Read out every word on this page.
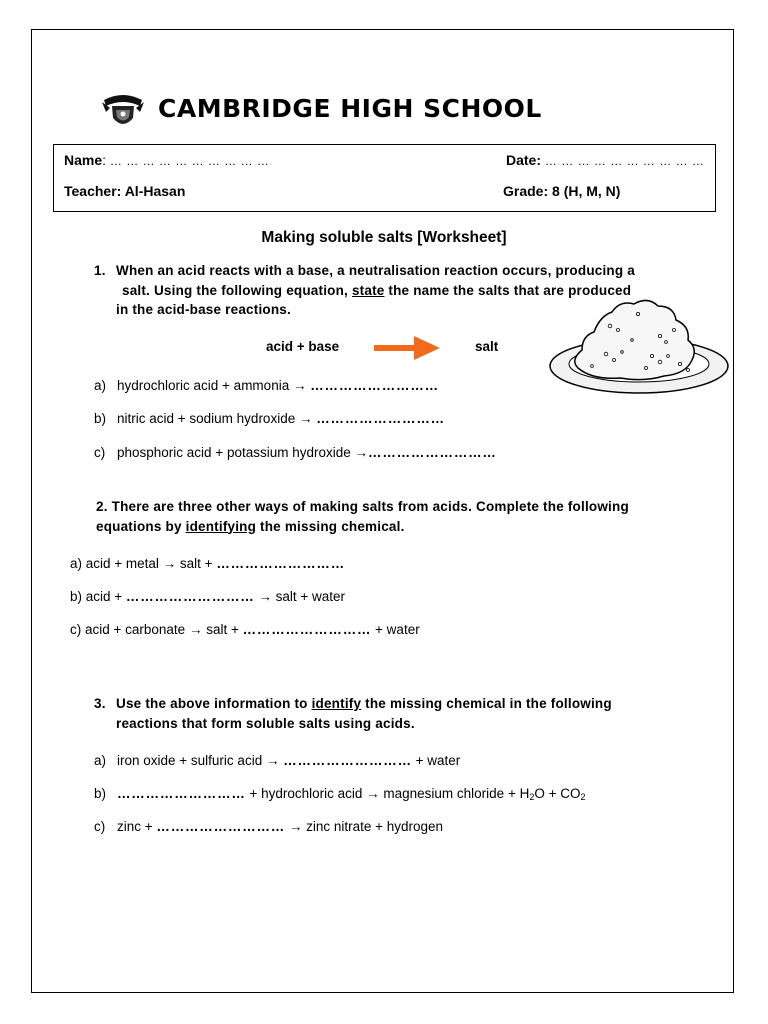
CAMBRIDGE HIGH SCHOOL
Name: … … … … … … … … … …	Date: … … … … … … … … … …
Teacher: Al-Hasan	Grade: 8 (H, M, N)
Making soluble salts [Worksheet]
1. When an acid reacts with a base, a neutralisation reaction occurs, producing a
salt. Using the following equation, state the name the salts that are produced
in the acid-base reactions.
acid + base	salt
a) hydrochloric acid + ammonia → ………………………
b) nitric acid + sodium hydroxide → ………………………
c) phosphoric acid + potassium hydroxide →………………………
2. There are three other ways of making salts from acids. Complete the following
equations by identifying the missing chemical.
a) acid + metal → salt + ………………………
b) acid + ……………………… → salt + water
c) acid + carbonate → salt + ……………………… + water
3. Use the above information to identify the missing chemical in the following
reactions that form soluble salts using acids.
a) iron oxide + sulfuric acid → ……………………… + water
b) ……………………… + hydrochloric acid → magnesium chloride + $H_2O + CO_2$
c) zinc + ……………………… → zinc nitrate + hydrogen
